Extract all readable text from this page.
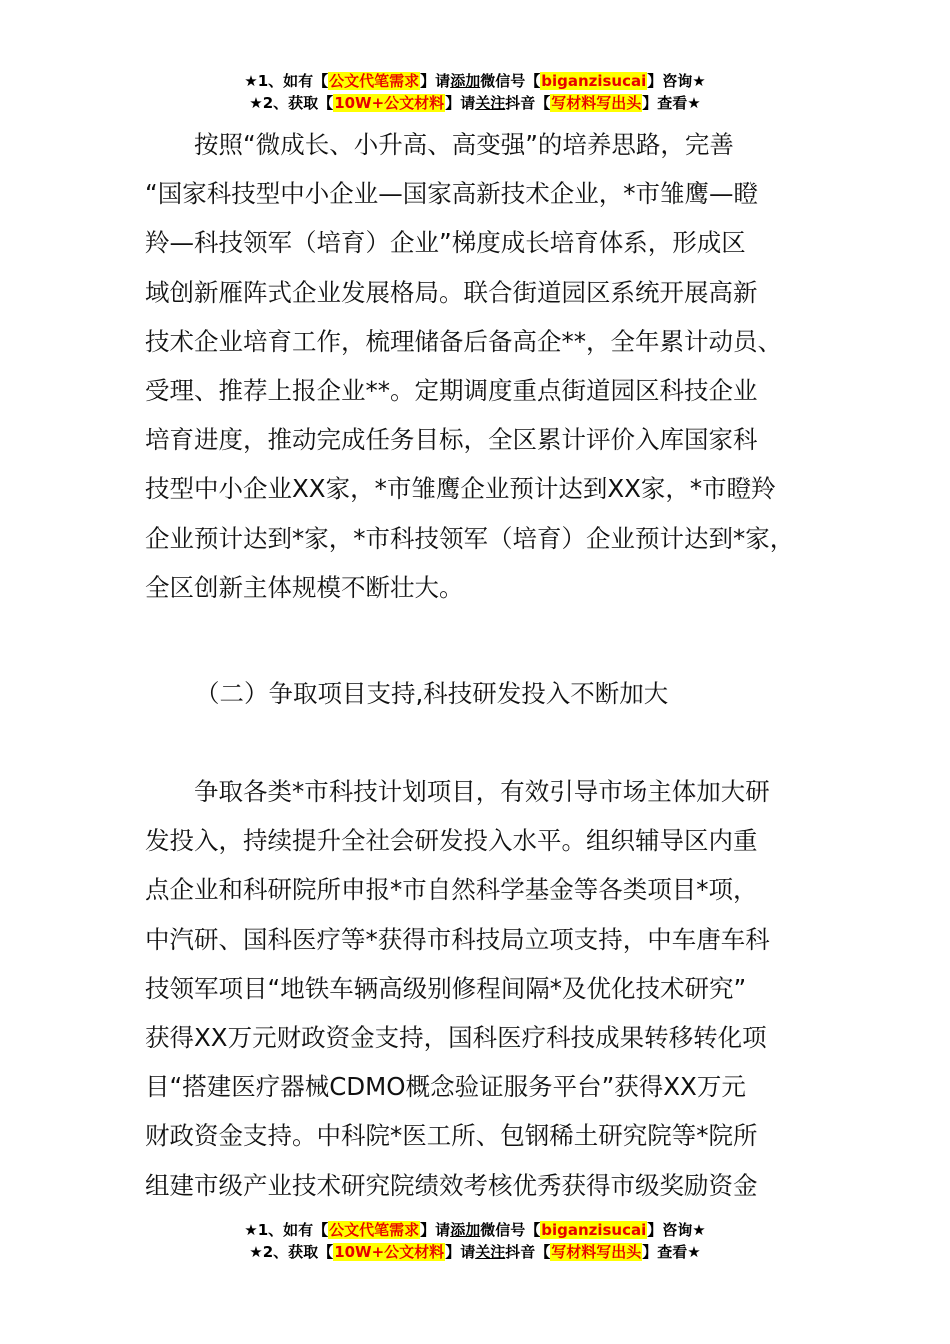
★1、如有【公文代笔需求】请添加微信号【biganzisucai】咨询★
★2、获取【10W+公文材料】请关注抖音【写材料写出头】查看★
　　按照“微成长、小升高、高变强”的培养思路，完善
“国家科技型中小企业—国家高新技术企业，*市雏鹰—瞪
羚—科技领军（培育）企业”梯度成长培育体系，形成区
域创新雁阵式企业发展格局。联合街道园区系统开展高新
技术企业培育工作，梳理储备后备高企**，全年累计动员、
受理、推荐上报企业**。定期调度重点街道园区科技企业
培育进度，推动完成任务目标，全区累计评价入库国家科
技型中小企业XX家，*市雏鹰企业预计达到XX家，*市瞪羚
企业预计达到*家，*市科技领军（培育）企业预计达到*家，
全区创新主体规模不断壮大。
（二）争取项目支持,科技研发投入不断加大
　　争取各类*市科技计划项目，有效引导市场主体加大研
发投入，持续提升全社会研发投入水平。组织辅导区内重
点企业和科研院所申报*市自然科学基金等各类项目*项，
中汽研、国科医疗等*获得市科技局立项支持，中车唐车科
技领军项目“地铁车辆高级别修程间隔*及优化技术研究”
获得XX万元财政资金支持，国科医疗科技成果转移转化项
目“搭建医疗器械CDMO概念验证服务平台”获得XX万元
财政资金支持。中科院*医工所、包钢稀土研究院等*院所
组建市级产业技术研究院绩效考核优秀获得市级奖励资金
★1、如有【公文代笔需求】请添加微信号【biganzisucai】咨询★
★2、获取【10W+公文材料】请关注抖音【写材料写出头】查看★
